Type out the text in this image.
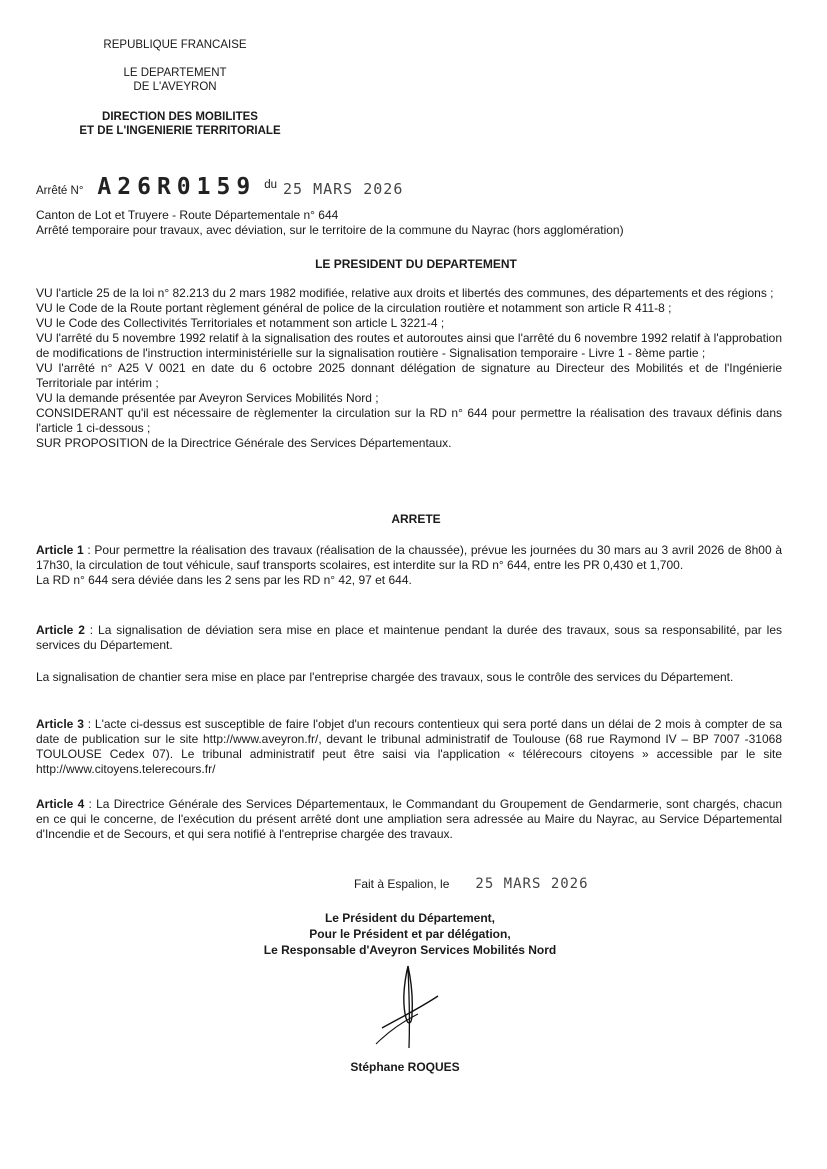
REPUBLIQUE FRANCAISE
LE DEPARTEMENT
DE L'AVEYRON
DIRECTION DES MOBILITES
ET DE L'INGENIERIE TERRITORIALE
Arrêté N° A26R0159 du 25 MARS 2026
Canton de Lot et Truyere - Route Départementale n° 644
Arrêté temporaire pour travaux, avec déviation, sur le territoire de la commune du Nayrac (hors agglomération)
LE PRESIDENT DU DEPARTEMENT

VU l'article 25 de la loi n° 82.213 du 2 mars 1982 modifiée, relative aux droits et libertés des communes, des départements et des régions ;

VU le Code de la Route portant règlement général de police de la circulation routière et notamment son article R 411-8 ;

VU le Code des Collectivités Territoriales et notamment son article L 3221-4 ;

VU l'arrêté du 5 novembre 1992 relatif à la signalisation des routes et autoroutes ainsi que l'arrêté du 6 novembre 1992 relatif à l'approbation de modifications de l'instruction interministérielle sur la signalisation routière - Signalisation temporaire - Livre 1 - 8ème partie ;

VU l'arrêté n° A25 V 0021 en date du 6 octobre 2025 donnant délégation de signature au Directeur des Mobilités et de l'Ingénierie Territoriale par intérim ;

VU la demande présentée par Aveyron Services Mobilités Nord ;

CONSIDERANT qu'il est nécessaire de règlementer la circulation sur la RD n° 644 pour permettre la réalisation des travaux définis dans l'article 1 ci-dessous ;

SUR PROPOSITION de la Directrice Générale des Services Départementaux.

ARRETE

Article 1 : Pour permettre la réalisation des travaux (réalisation de la chaussée), prévue les journées du 30 mars au 3 avril 2026 de 8h00 à 17h30, la circulation de tout véhicule, sauf transports scolaires, est interdite sur la RD n° 644, entre les PR 0,430 et 1,700.

La RD n° 644 sera déviée dans les 2 sens par les RD n° 42, 97 et 644.

Article 2 : La signalisation de déviation sera mise en place et maintenue pendant la durée des travaux, sous sa responsabilité, par les services du Département.

La signalisation de chantier sera mise en place par l'entreprise chargée des travaux, sous le contrôle des services du Département.

Article 3 : L'acte ci-dessus est susceptible de faire l'objet d'un recours contentieux qui sera porté dans un délai de 2 mois à compter de sa date de publication sur le site http://www.aveyron.fr/, devant le tribunal administratif de Toulouse (68 rue Raymond IV – BP 7007 -31068 TOULOUSE Cedex 07). Le tribunal administratif peut être saisi via l'application « télérecours citoyens » accessible par le site http://www.citoyens.telerecours.fr/

Article 4 : La Directrice Générale des Services Départementaux, le Commandant du Groupement de Gendarmerie, sont chargés, chacun en ce qui le concerne, de l'exécution du présent arrêté dont une ampliation sera adressée au Maire du Nayrac, au Service Départemental d'Incendie et de Secours, et qui sera notifié à l'entreprise chargée des travaux.

Fait à Espalion, le 25 MARS 2026
Le Président du Département,
Pour le Président et par délégation,
Le Responsable d'Aveyron Services Mobilités Nord
Stéphane ROQUES
